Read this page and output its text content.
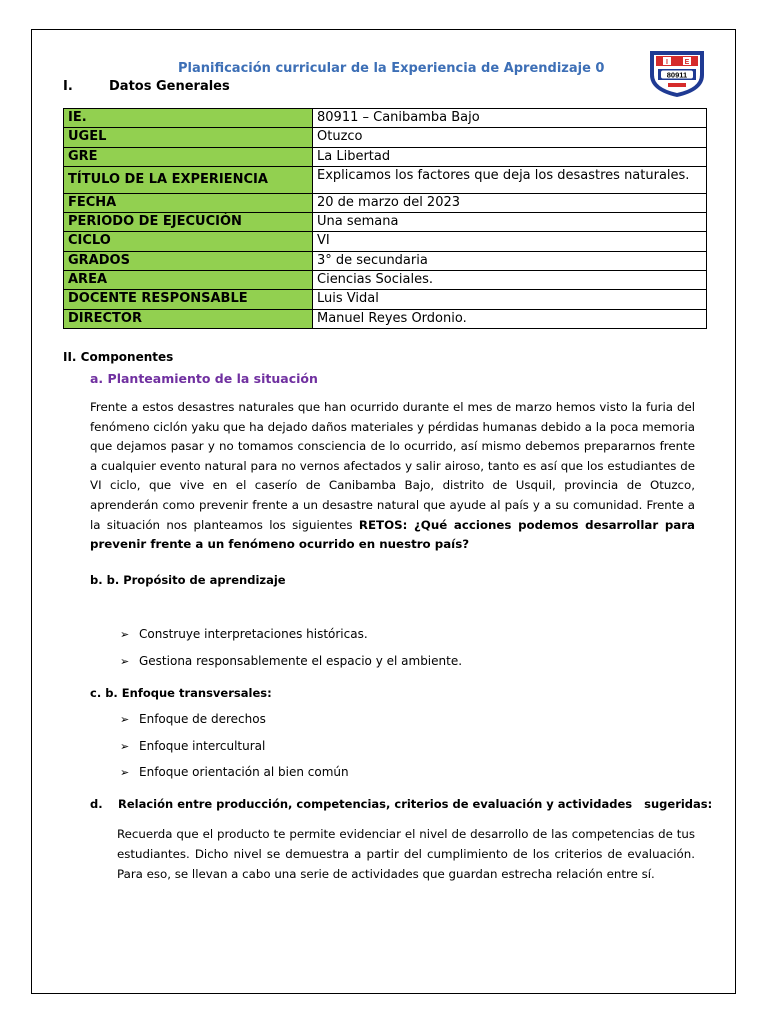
Planificación curricular de la Experiencia de Aprendizaje 0	I E
80911
I.	Datos Generales
IE.	80911 – Canibamba Bajo
UGEL	Otuzco
GRE	La Libertad
TÍTULO DE LA EXPERIENCIA	Explicamos los factores que deja los desastres naturales.
FECHA	20 de marzo del 2023
PERIODO DE EJECUCIÓN	Una semana
CICLO	VI
GRADOS	3° de secundaria
AREA	Ciencias Sociales.
DOCENTE RESPONSABLE	Luis Vidal
DIRECTOR	Manuel Reyes Ordonio.
II. Componentes
a. Planteamiento de la situación
Frente a estos desastres naturales que han ocurrido durante el mes de marzo hemos visto la furia del fenómeno ciclón yaku que ha dejado daños materiales y pérdidas humanas debido a la poca memoria que dejamos pasar y no tomamos consciencia de lo ocurrido, así mismo debemos prepararnos frente a cualquier evento natural para no vernos afectados y salir airoso, tanto es así que los estudiantes de VI ciclo, que vive en el caserío de Canibamba Bajo, distrito de Usquil, provincia de Otuzco, aprenderán como prevenir frente a un desastre natural que ayude al país y a su comunidad. Frente a la situación nos planteamos los siguientes RETOS: ¿Qué acciones podemos desarrollar para prevenir frente a un fenómeno ocurrido en nuestro país?
b. b. Propósito de aprendizaje
➢ Construye interpretaciones históricas.
➢ Gestiona responsablemente el espacio y el ambiente.
c. b. Enfoque transversales:
➢ Enfoque de derechos
➢ Enfoque intercultural
➢ Enfoque orientación al bien común
d. Relación entre producción, competencias, criterios de evaluación y actividades   sugeridas:
Recuerda que el producto te permite evidenciar el nivel de desarrollo de las competencias de tus estudiantes. Dicho nivel se demuestra a partir del cumplimiento de los criterios de evaluación. Para eso, se llevan a cabo una serie de actividades que guardan estrecha relación entre sí.
